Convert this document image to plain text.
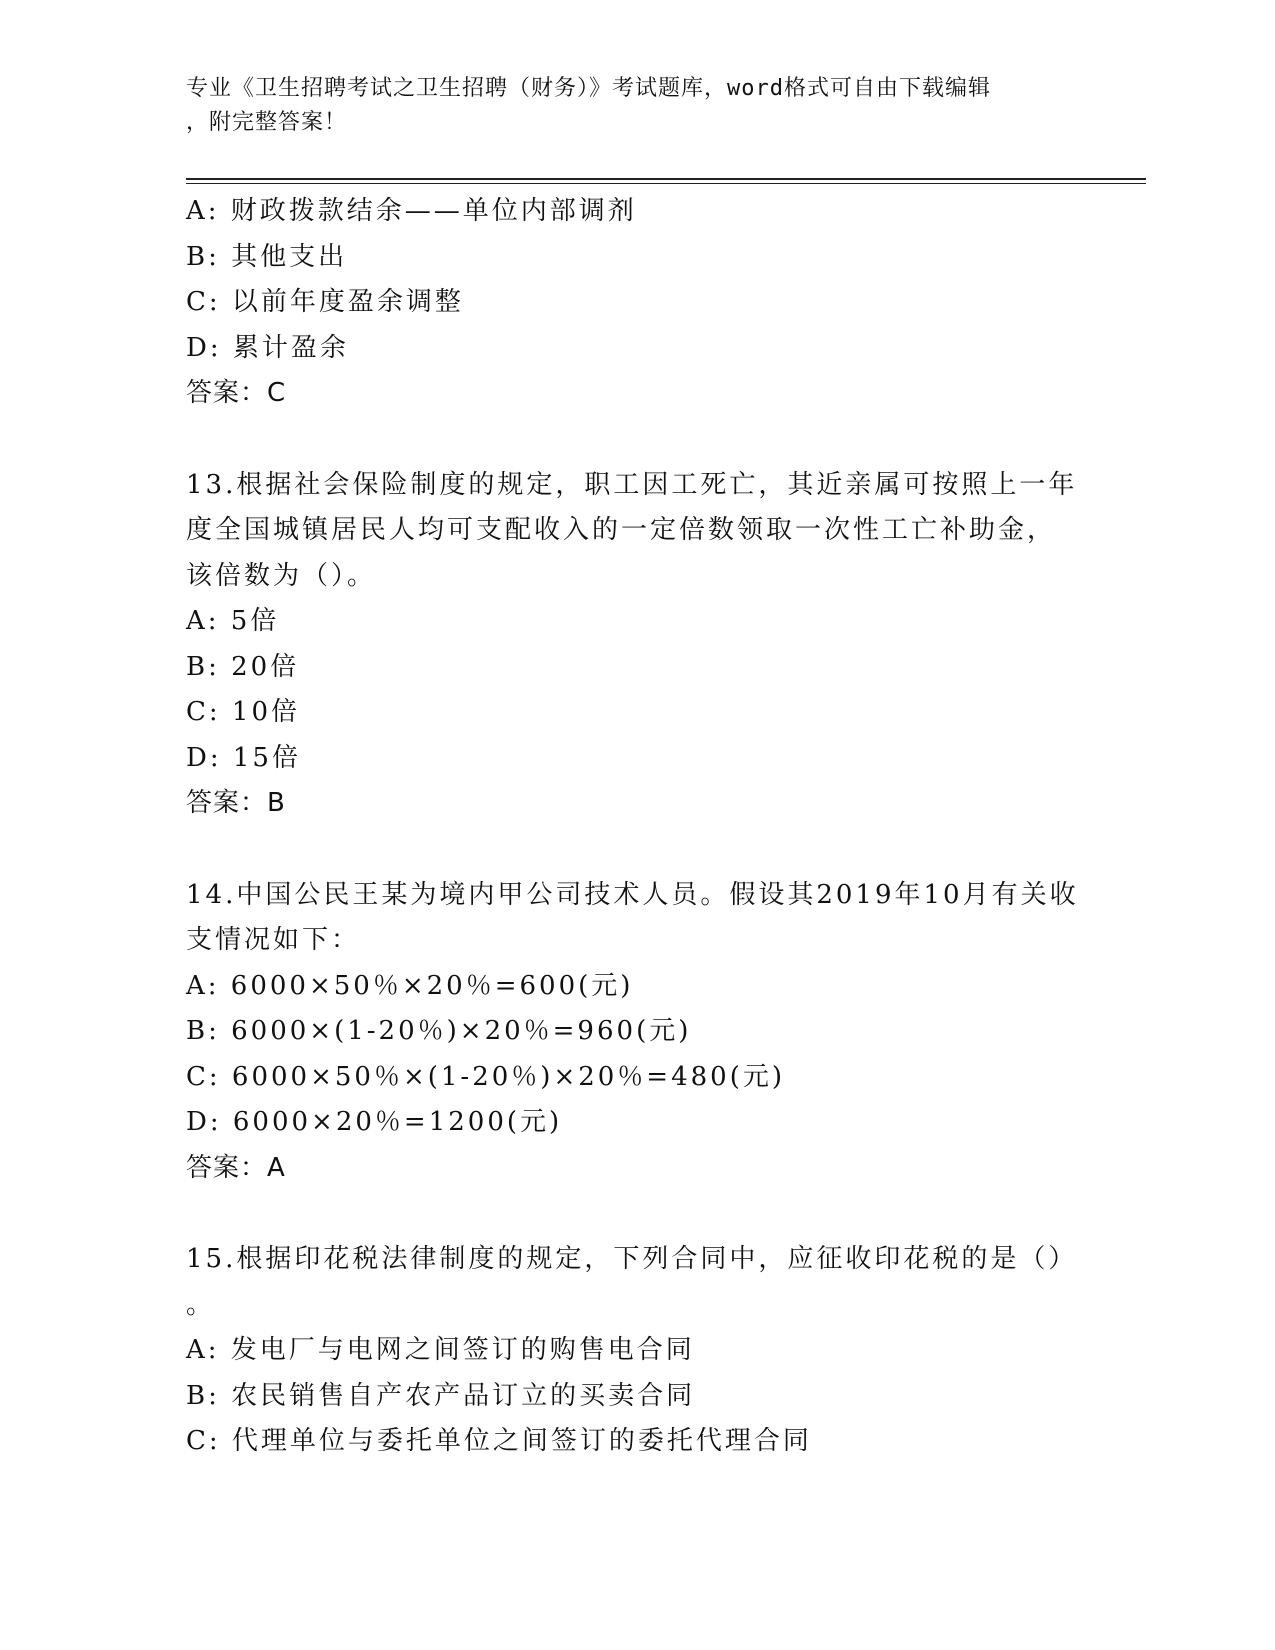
专业《卫生招聘考试之卫生招聘（财务）》考试题库，word格式可自由下载编辑
，附完整答案！
A: 财政拨款结余——单位内部调剂
B: 其他支出
C: 以前年度盈余调整
D: 累计盈余
答案：C
13.根据社会保险制度的规定，职工因工死亡，其近亲属可按照上一年
度全国城镇居民人均可支配收入的一定倍数领取一次性工亡补助金，
该倍数为（）。
A: 5倍
B: 20倍
C: 10倍
D: 15倍
答案：B
14.中国公民王某为境内甲公司技术人员。假设其2019年10月有关收
支情况如下：
A: 6000×50％×20％=600(元)
B: 6000×(1-20％)×20％=960(元)
C: 6000×50％×(1-20％)×20％=480(元)
D: 6000×20％=1200(元)
答案：A
15.根据印花税法律制度的规定，下列合同中，应征收印花税的是（）
。
A: 发电厂与电网之间签订的购售电合同
B: 农民销售自产农产品订立的买卖合同
C: 代理单位与委托单位之间签订的委托代理合同
